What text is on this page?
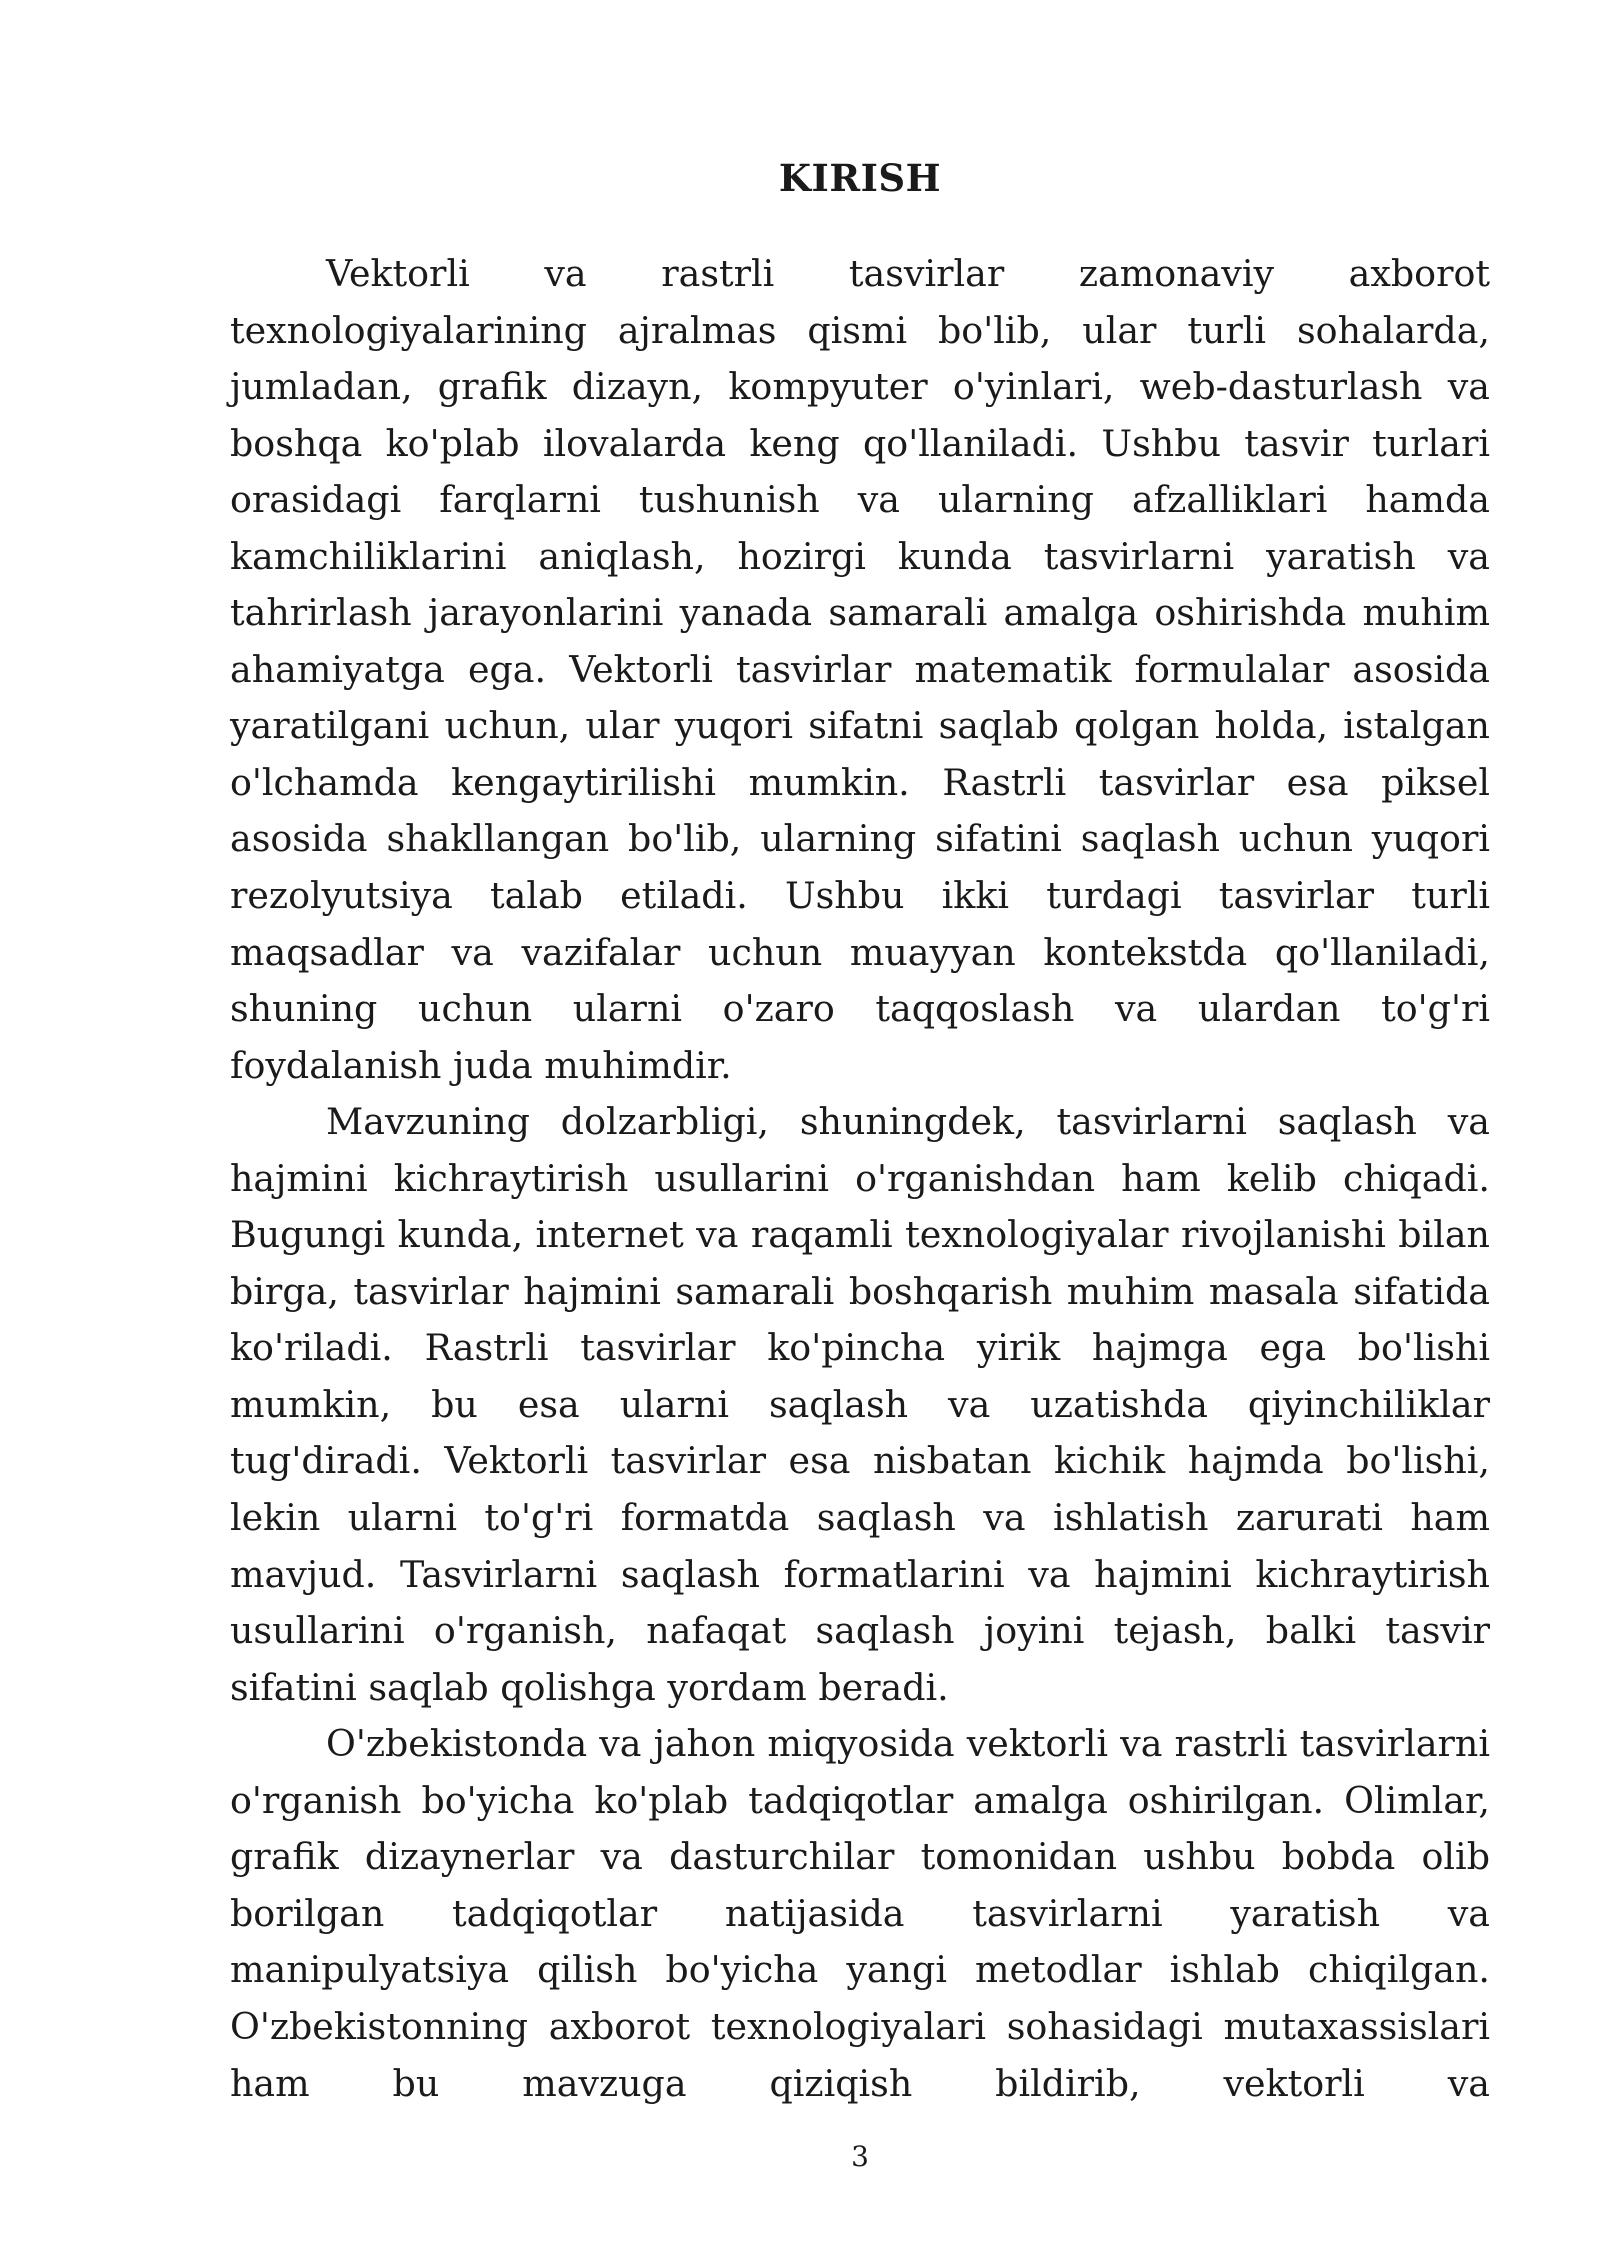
KIRISH

Vektorli va rastrli tasvirlar zamonaviy axborot texnologiyalarining ajralmas qismi bo'lib, ular turli sohalarda, jumladan, grafik dizayn, kompyuter o'yinlari, web-dasturlash va boshqa ko'plab ilovalarda keng qo'llaniladi. Ushbu tasvir turlari orasidagi farqlarni tushunish va ularning afzalliklari hamda kamchiliklarini aniqlash, hozirgi kunda tasvirlarni yaratish va tahrirlash jarayonlarini yanada samarali amalga oshirishda muhim ahamiyatga ega. Vektorli tasvirlar matematik formulalar asosida yaratilgani uchun, ular yuqori sifatni saqlab qolgan holda, istalgan o'lchamda kengaytirilishi mumkin. Rastrli tasvirlar esa piksel asosida shakllangan bo'lib, ularning sifatini saqlash uchun yuqori rezolyutsiya talab etiladi. Ushbu ikki turdagi tasvirlar turli maqsadlar va vazifalar uchun muayyan kontekstda qo'llaniladi, shuning uchun ularni o'zaro taqqoslash va ulardan to'g'ri foydalanish juda muhimdir.

Mavzuning dolzarbligi, shuningdek, tasvirlarni saqlash va hajmini kichraytirish usullarini o'rganishdan ham kelib chiqadi. Bugungi kunda, internet va raqamli texnologiyalar rivojlanishi bilan birga, tasvirlar hajmini samarali boshqarish muhim masala sifatida ko'riladi. Rastrli tasvirlar ko'pincha yirik hajmga ega bo'lishi mumkin, bu esa ularni saqlash va uzatishda qiyinchiliklar tug'diradi. Vektorli tasvirlar esa nisbatan kichik hajmda bo'lishi, lekin ularni to'g'ri formatda saqlash va ishlatish zarurati ham mavjud. Tasvirlarni saqlash formatlarini va hajmini kichraytirish usullarini o'rganish, nafaqat saqlash joyini tejash, balki tasvir sifatini saqlab qolishga yordam beradi.

O'zbekistonda va jahon miqyosida vektorli va rastrli tasvirlarni o'rganish bo'yicha ko'plab tadqiqotlar amalga oshirilgan. Olimlar, grafik dizaynerlar va dasturchilar tomonidan ushbu bobda olib borilgan tadqiqotlar natijasida tasvirlarni yaratish va manipulyatsiya qilish bo'yicha yangi metodlar ishlab chiqilgan. O'zbekistonning axborot texnologiyalari sohasidagi mutaxassislari ham bu mavzuga qiziqish bildirib, vektorli va

3
